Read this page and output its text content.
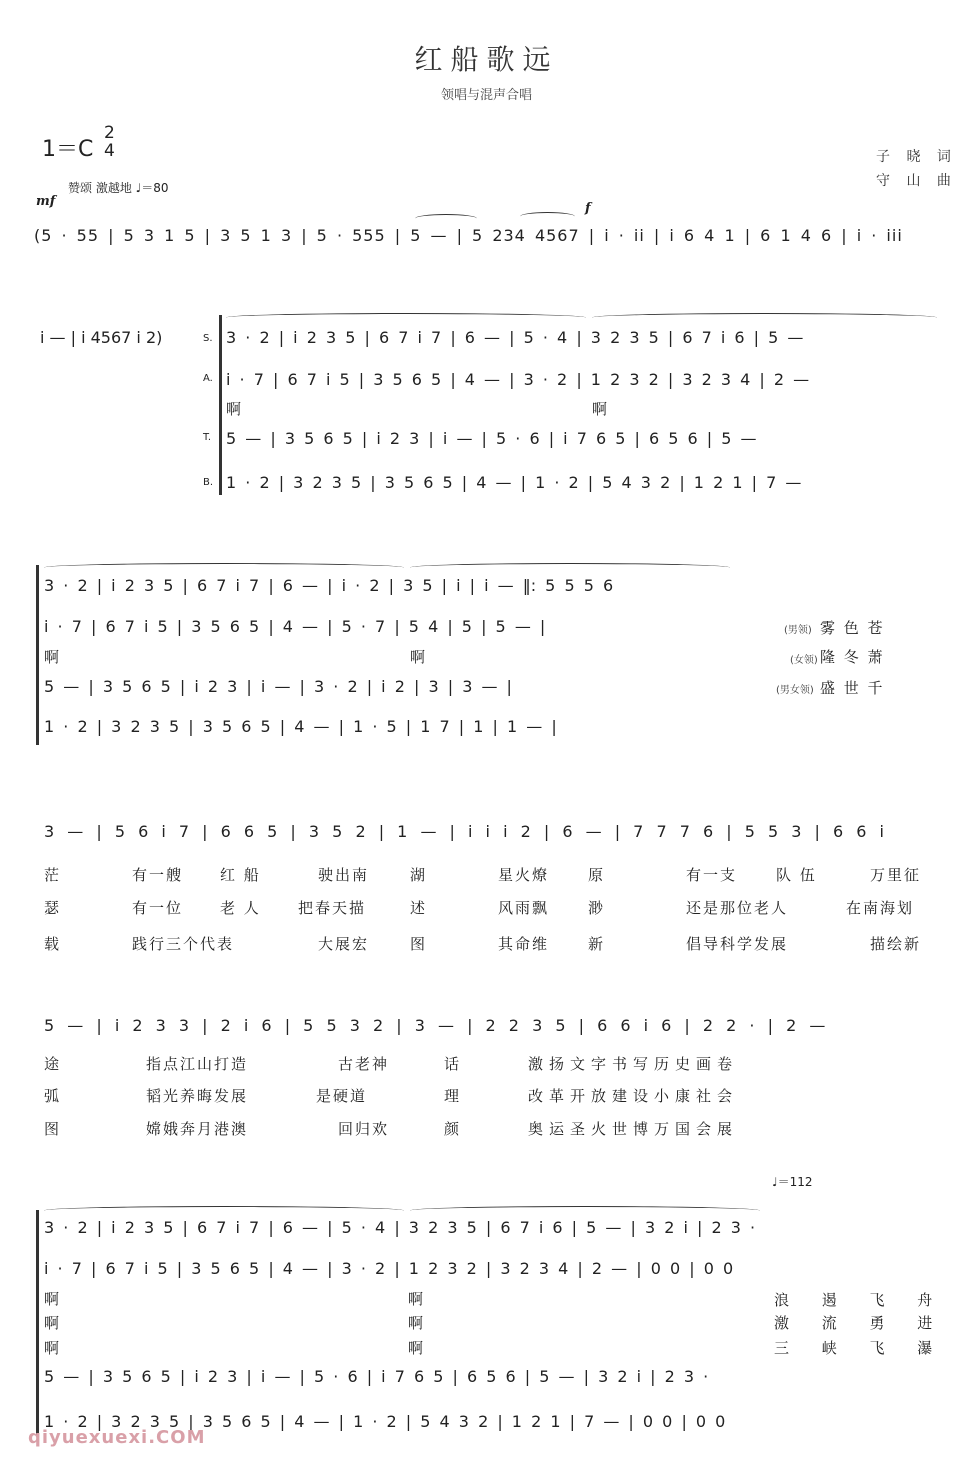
红船歌远
领唱与混声合唱
1＝C
2
4	子 晓 词
守 山 曲
赞颂 激越地 ♩＝80
mf	f
(5 · 55 | 5 3 1 5 | 3 5 1 3 | 5 · 555 | 5 — | 5 234 4567 | i · ii | i 6 4 1 | 6 1 4 6 | i · iii
i — | i 4567 i 2)	S.
A.
T.
B.
3 · 2 | i 2 3 5 | 6 7 i 7 | 6 — | 5 · 4 | 3 2 3 5 | 6 7 i 6 | 5 —
i · 7 | 6 7 i 5 | 3 5 6 5 | 4 — | 3 · 2 | 1 2 3 2 | 3 2 3 4 | 2 —
啊	啊
5 — | 3 5 6 5 | i 2 3 | i — | 5 · 6 | i 7 6 5 | 6 5 6 | 5 —
1 · 2 | 3 2 3 5 | 3 5 6 5 | 4 — | 1 · 2 | 5 4 3 2 | 1 2 1 | 7 —
3 · 2 | i 2 3 5 | 6 7 i 7 | 6 — | i · 2 | 3 5 | i | i — ‖: 5 5 5 6
i · 7 | 6 7 i 5 | 3 5 6 5 | 4 — | 5 · 7 | 5 4 | 5 | 5 — |
啊	啊
5 — | 3 5 6 5 | i 2 3 | i — | 3 · 2 | i 2 | 3 | 3 — |
1 · 2 | 3 2 3 5 | 3 5 6 5 | 4 — | 1 · 5 | 1 7 | 1 | 1 — |
(男领) 雾 色 苍
(女领) 隆 冬 萧
(男女领) 盛 世 千
3 — | 5 6 i 7 | 6 6 5 | 3 5 2 | 1 — | i i i 2 | 6 — | 7 7 7 6 | 5 5 3 | 6 6 i
茫	有一艘 红 船	驶出南	湖	星火燎	原	有一支	队 伍	万里征
瑟	有一位 老 人 把春天描	述	风雨飘	渺	还是那位老人	在南海划
载	践行三个代表	大展宏	图	其命维	新	倡导科学发展	描绘新
5 — | i 2 3 3 | 2 i 6 | 5 5 3 2 | 3 — | 2 2 3 5 | 6 6 i 6 | 2 2 · | 2 —
途	指点江山打造	古老神	话	激扬文字书写历史画卷
弧	韬光养晦发展	是硬道	理	改革开放建设小康社会
图	嫦娥奔月港澳	回归欢	颜	奥运圣火世博万国会展
♩＝112
3 · 2 | i 2 3 5 | 6 7 i 7 | 6 — | 5 · 4 | 3 2 3 5 | 6 7 i 6 | 5 — | 3 2 i | 2 3 ·
i · 7 | 6 7 i 5 | 3 5 6 5 | 4 — | 3 · 2 | 1 2 3 2 | 3 2 3 4 | 2 — | 0 0 | 0 0
啊	啊
啊	啊
啊	啊
浪 遏 飞 舟
激 流 勇 进
三 峡 飞 瀑
5 — | 3 5 6 5 | i 2 3 | i — | 5 · 6 | i 7 6 5 | 6 5 6 | 5 — | 3 2 i | 2 3 ·
1 · 2 | 3 2 3 5 | 3 5 6 5 | 4 — | 1 · 2 | 5 4 3 2 | 1 2 1 | 7 — | 0 0 | 0 0
qiyuexuexi.COM
